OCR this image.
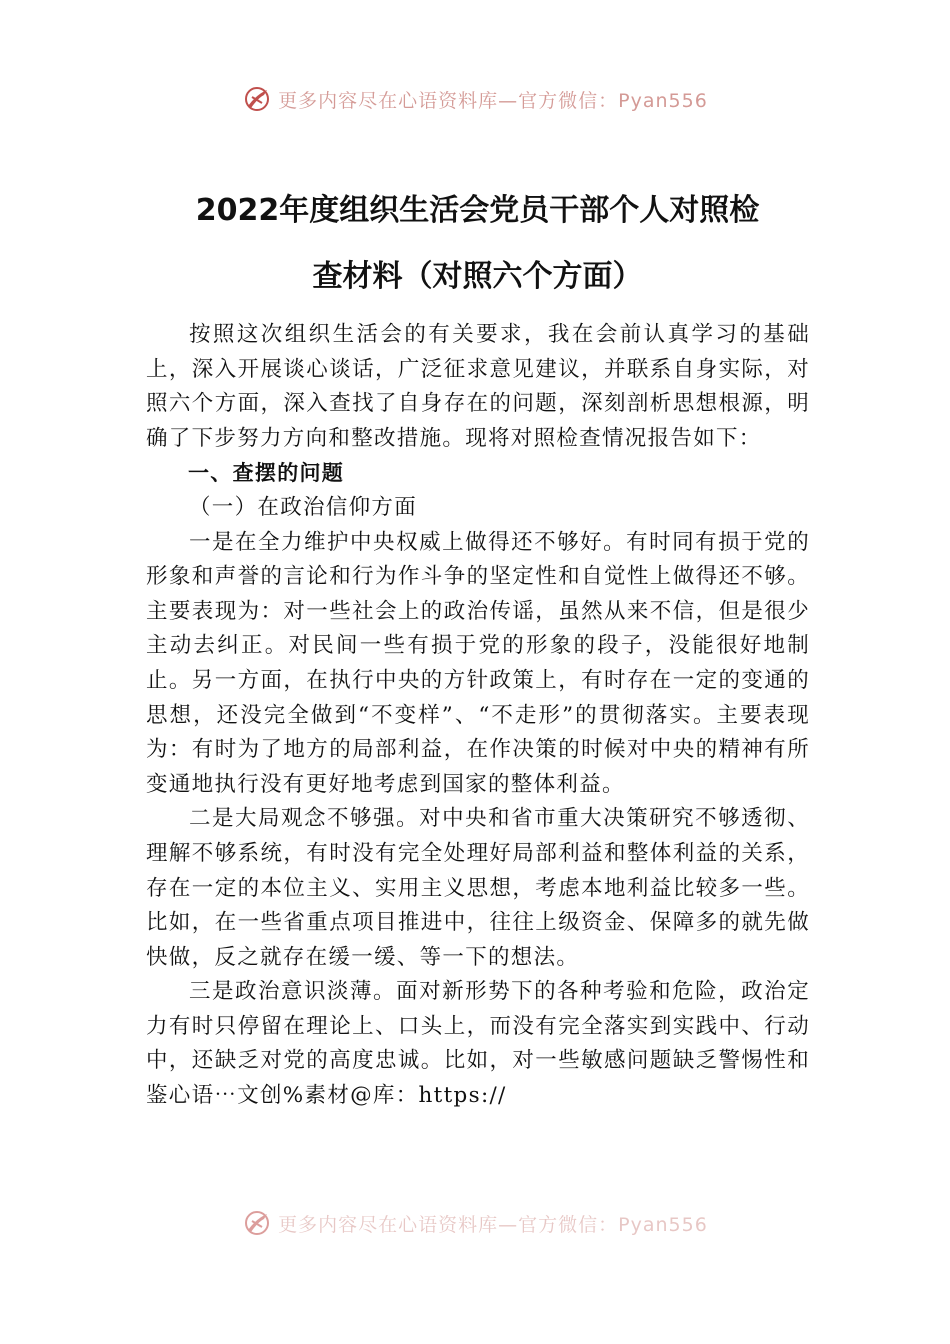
更多内容尽在心语资料库—官方微信：Pyan556
2022年度组织生活会党员干部个人对照检
查材料（对照六个方面）

按照这次组织生活会的有关要求，我在会前认真学习的基础上，深入开展谈心谈话，广泛征求意见建议，并联系自身实际，对照六个方面，深入查找了自身存在的问题，深刻剖析思想根源，明确了下步努力方向和整改措施。现将对照检查情况报告如下：

一、查摆的问题

（一）在政治信仰方面

一是在全力维护中央权威上做得还不够好。有时同有损于党的形象和声誉的言论和行为作斗争的坚定性和自觉性上做得还不够。主要表现为：对一些社会上的政治传谣，虽然从来不信，但是很少主动去纠正。对民间一些有损于党的形象的段子，没能很好地制止。另一方面，在执行中央的方针政策上，有时存在一定的变通的思想，还没完全做到“不变样”、“不走形”的贯彻落实。主要表现为：有时为了地方的局部利益，在作决策的时候对中央的精神有所变通地执行没有更好地考虑到国家的整体利益。

二是大局观念不够强。对中央和省市重大决策研究不够透彻、理解不够系统，有时没有完全处理好局部利益和整体利益的关系，存在一定的本位主义、实用主义思想，考虑本地利益比较多一些。比如，在一些省重点项目推进中，往往上级资金、保障多的就先做快做，反之就存在缓一缓、等一下的想法。

三是政治意识淡薄。面对新形势下的各种考验和危险，政治定力有时只停留在理论上、口头上，而没有完全落实到实践中、行动中，还缺乏对党的高度忠诚。比如，对一些敏感问题缺乏警惕性和鉴心语⋯文创%素材@库：https://

更多内容尽在心语资料库—官方微信：Pyan556
